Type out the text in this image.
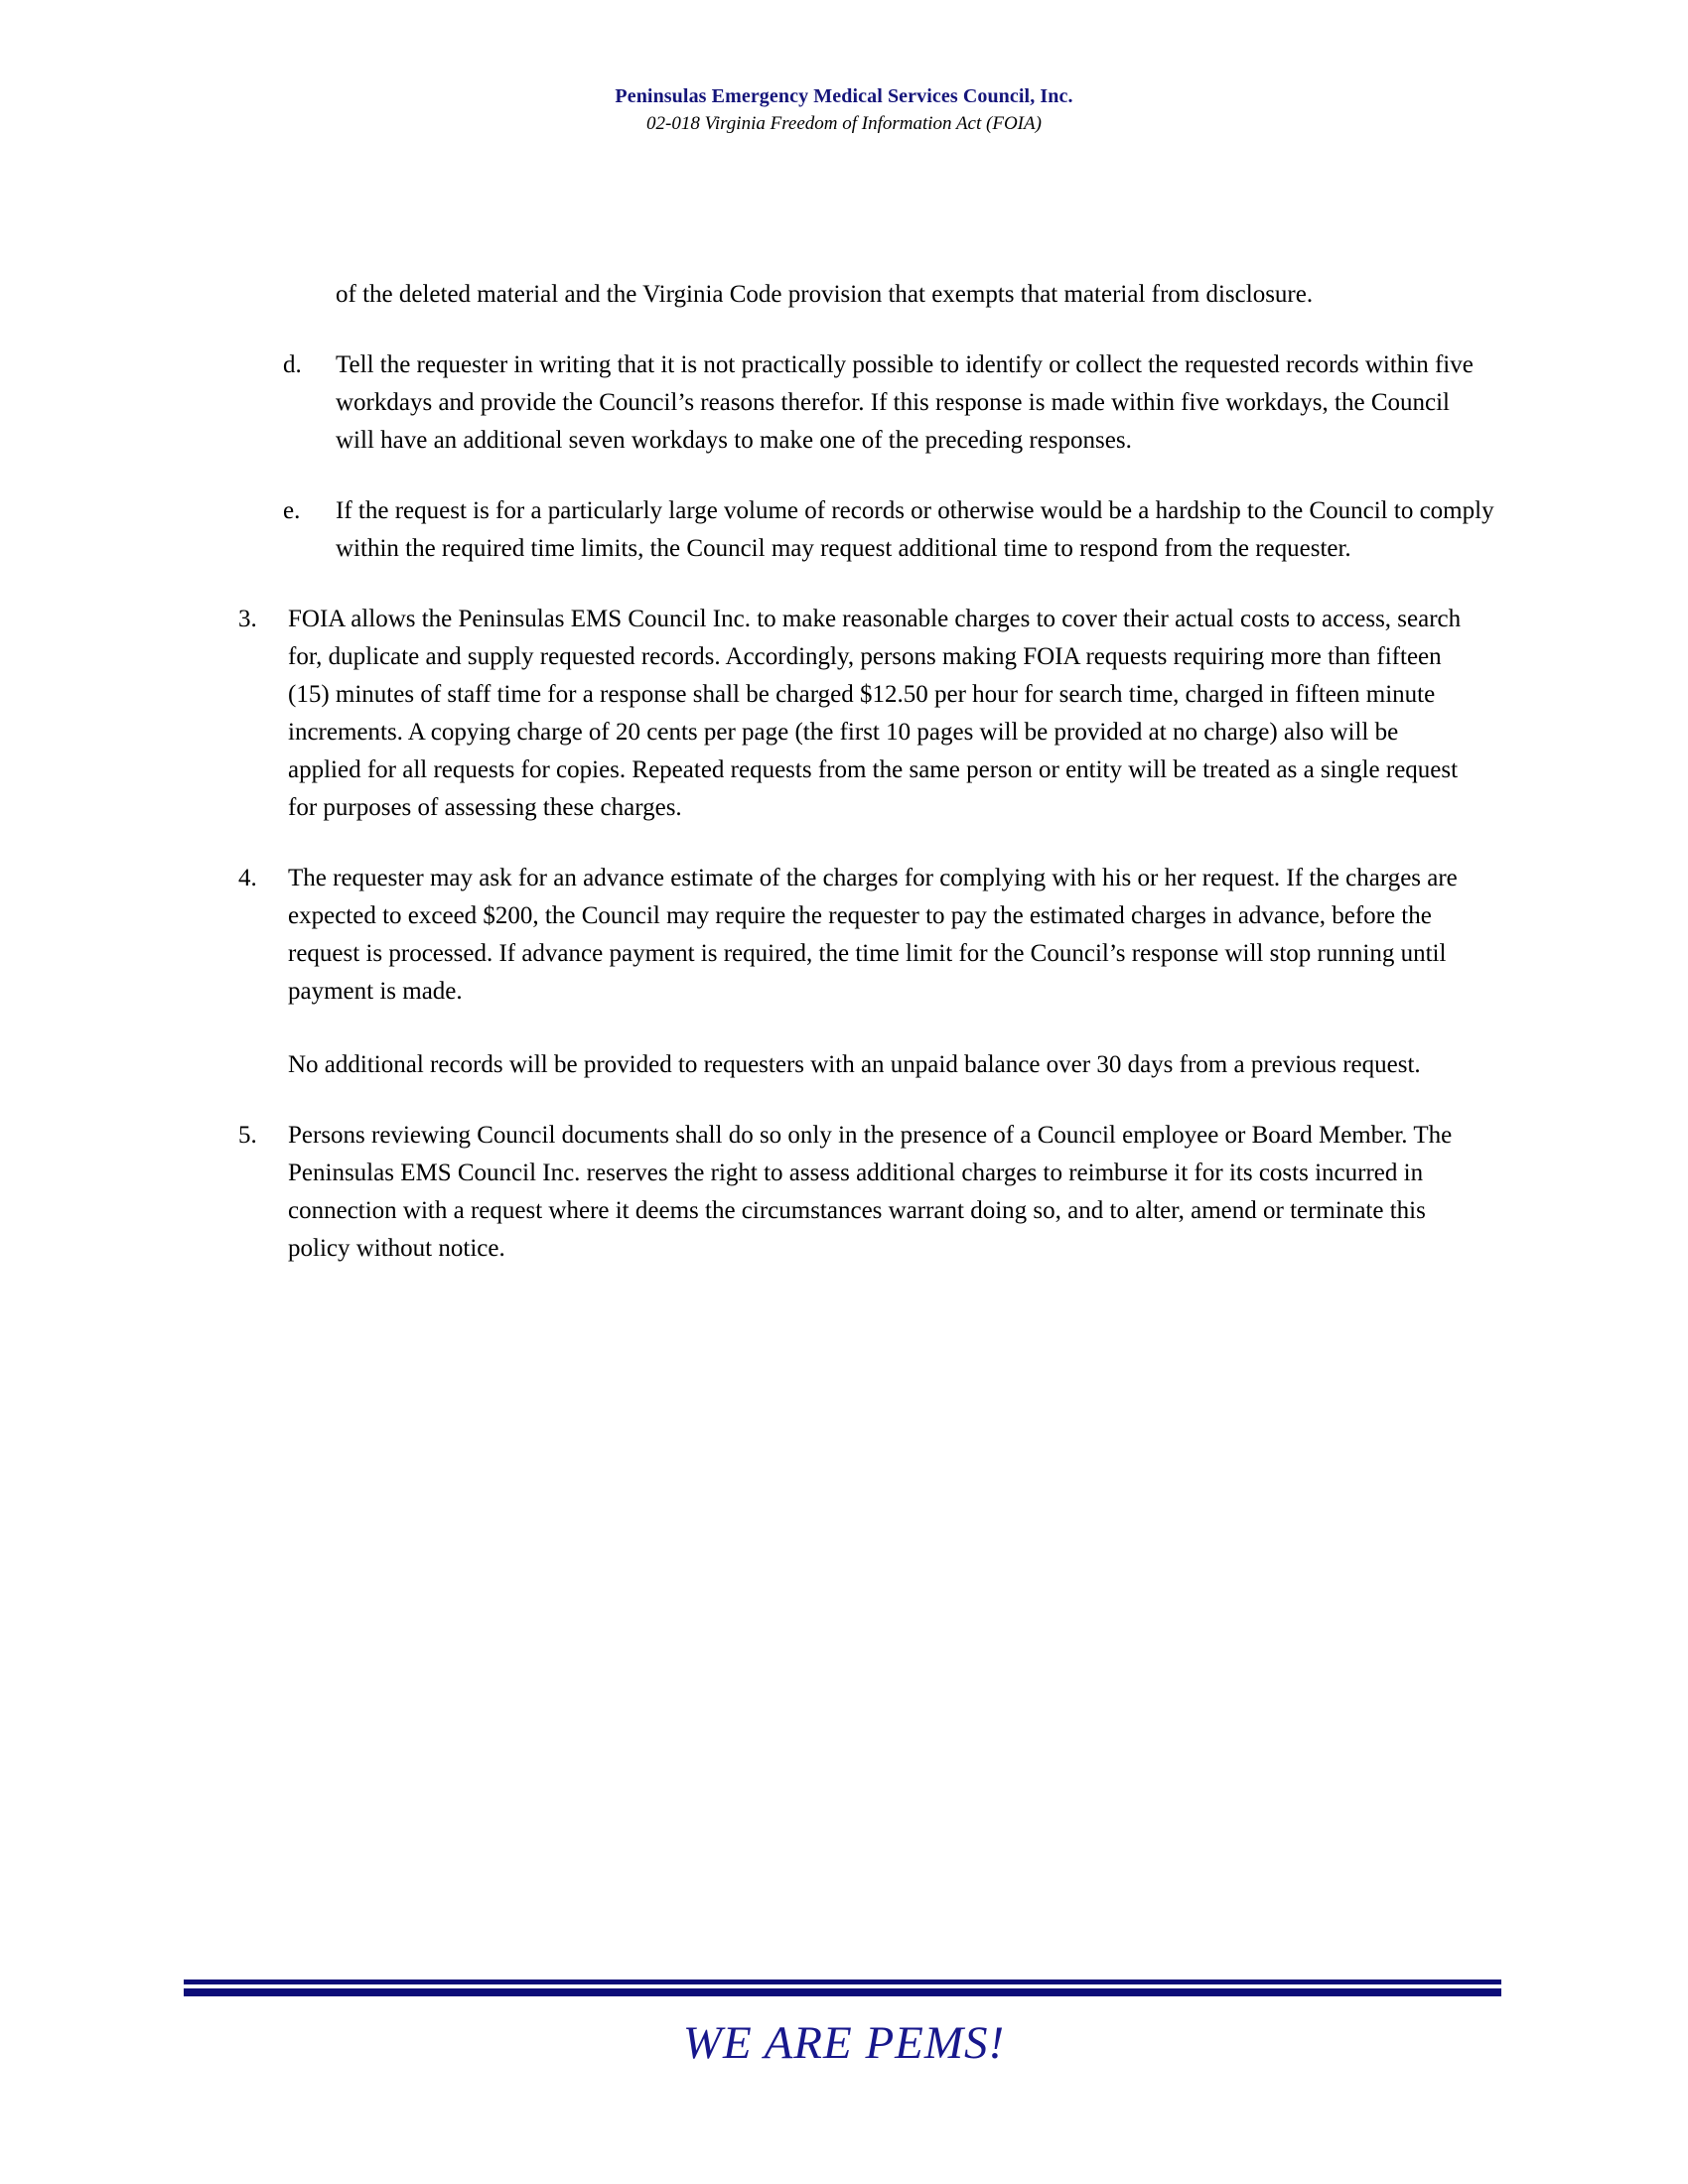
Peninsulas Emergency Medical Services Council, Inc.
02-018 Virginia Freedom of Information Act (FOIA)
of the deleted material and the Virginia Code provision that exempts that material from disclosure.
d.	Tell the requester in writing that it is not practically possible to identify or collect the requested records within five workdays and provide the Council’s reasons therefor. If this response is made within five workdays, the Council will have an additional seven workdays to make one of the preceding responses.
e.	If the request is for a particularly large volume of records or otherwise would be a hardship to the Council to comply within the required time limits, the Council may request additional time to respond from the requester.
3.	FOIA allows the Peninsulas EMS Council Inc. to make reasonable charges to cover their actual costs to access, search for, duplicate and supply requested records. Accordingly, persons making FOIA requests requiring more than fifteen (15) minutes of staff time for a response shall be charged $12.50 per hour for search time, charged in fifteen minute increments. A copying charge of 20 cents per page (the first 10 pages will be provided at no charge) also will be applied for all requests for copies. Repeated requests from the same person or entity will be treated as a single request for purposes of assessing these charges.
4.	The requester may ask for an advance estimate of the charges for complying with his or her request. If the charges are expected to exceed $200, the Council may require the requester to pay the estimated charges in advance, before the request is processed. If advance payment is required, the time limit for the Council’s response will stop running until payment is made.
No additional records will be provided to requesters with an unpaid balance over 30 days from a previous request.
5.	Persons reviewing Council documents shall do so only in the presence of a Council employee or Board Member. The Peninsulas EMS Council Inc. reserves the right to assess additional charges to reimburse it for its costs incurred in connection with a request where it deems the circumstances warrant doing so, and to alter, amend or terminate this policy without notice.
WE ARE PEMS!
